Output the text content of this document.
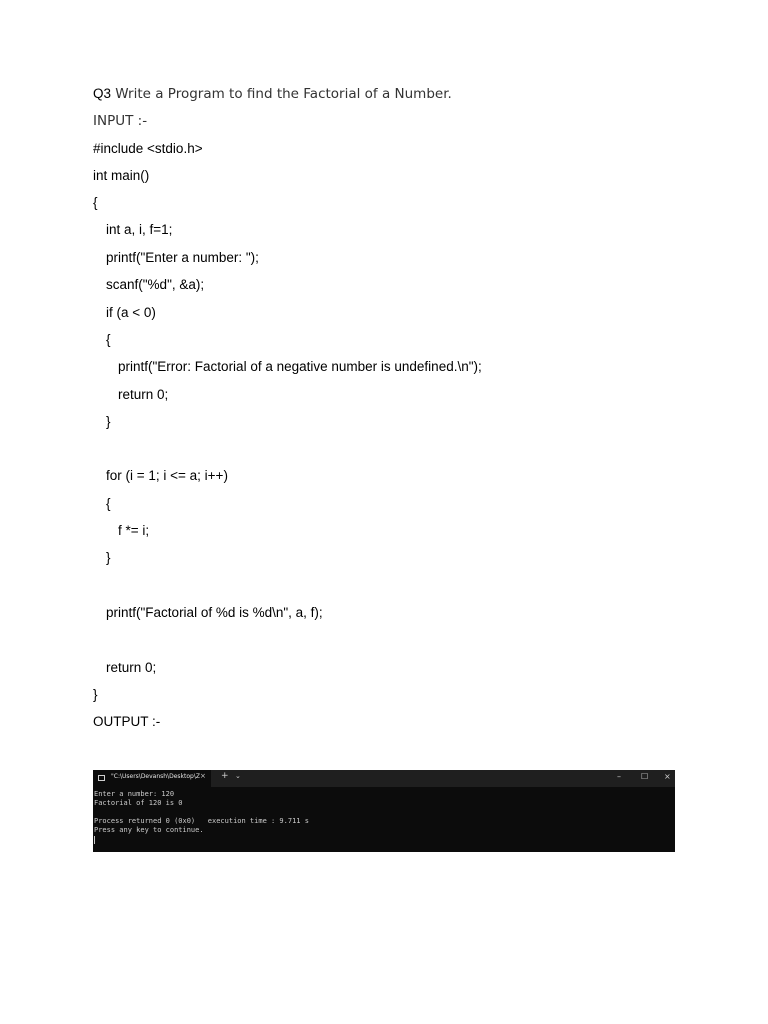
Q3 Write a Program to find the Factorial of a Number.
INPUT :-
#include <stdio.h>
int main()
{
int a, i, f=1;
printf("Enter a number: ");
scanf("%d", &a);
if (a < 0)
{
printf("Error: Factorial of a negative number is undefined.\n");
return 0;
}
for (i = 1; i <= a; i++)
{
f *= i;
}
printf("Factorial of %d is %d\n", a, f);
return 0;
}
OUTPUT :-
"C:\Users\Devansh\Desktop\Z × + ⌄	–	☐ ×
Enter a number: 120
Factorial of 120 is 0

Process returned 0 (0x0)   execution time : 9.711 s
Press any key to continue.
